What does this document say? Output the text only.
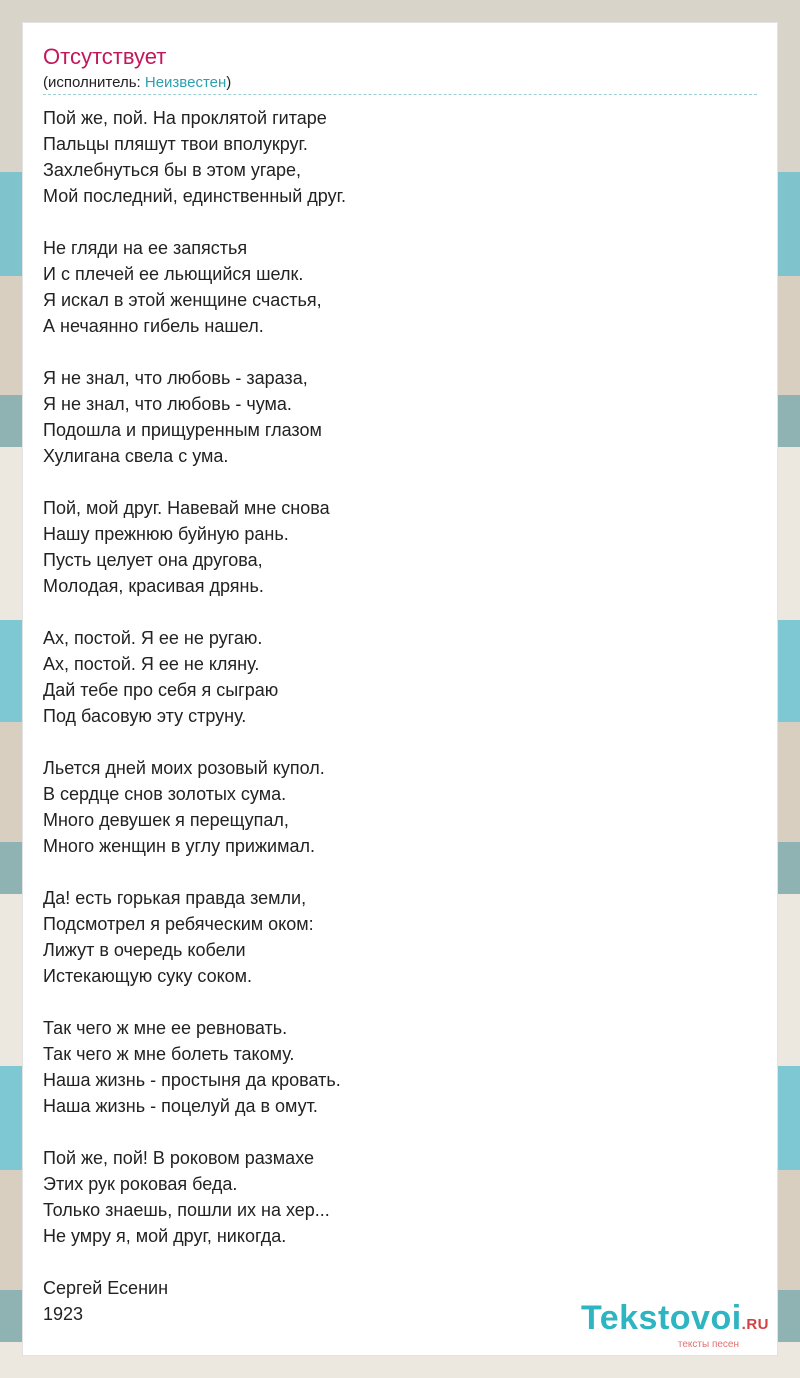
Отсутствует
(исполнитель: Неизвестен)
Пой же, пой. На проклятой гитаре
Пальцы пляшут твои вполукруг.
Захлебнуться бы в этом угаре,
Мой последний, единственный друг.
Не гляди на ее запястья
И с плечей ее льющийся шелк.
Я искал в этой женщине счастья,
А нечаянно гибель нашел.
Я не знал, что любовь - зараза,
Я не знал, что любовь - чума.
Подошла и прищуренным глазом
Хулигана свела с ума.
Пой, мой друг. Навевай мне снова
Нашу прежнюю буйную рань.
Пусть целует она другова,
Молодая, красивая дрянь.
Ах, постой. Я ее не ругаю.
Ах, постой. Я ее не кляну.
Дай тебе про себя я сыграю
Под басовую эту струну.
Льется дней моих розовый купол.
В сердце снов золотых сума.
Много девушек я перещупал,
Много женщин в углу прижимал.
Да! есть горькая правда земли,
Подсмотрел я ребяческим оком:
Лижут в очередь кобели
Истекающую суку соком.
Так чего ж мне ее ревновать.
Так чего ж мне болеть такому.
Наша жизнь - простыня да кровать.
Наша жизнь - поцелуй да в омут.
Пой же, пой! В роковом размахе
Этих рук роковая беда.
Только знаешь, пошли их на хер...
Не умру я, мой друг, никогда.
Сергей Есенин
1923	Tekstovoi.RU
тексты песен
